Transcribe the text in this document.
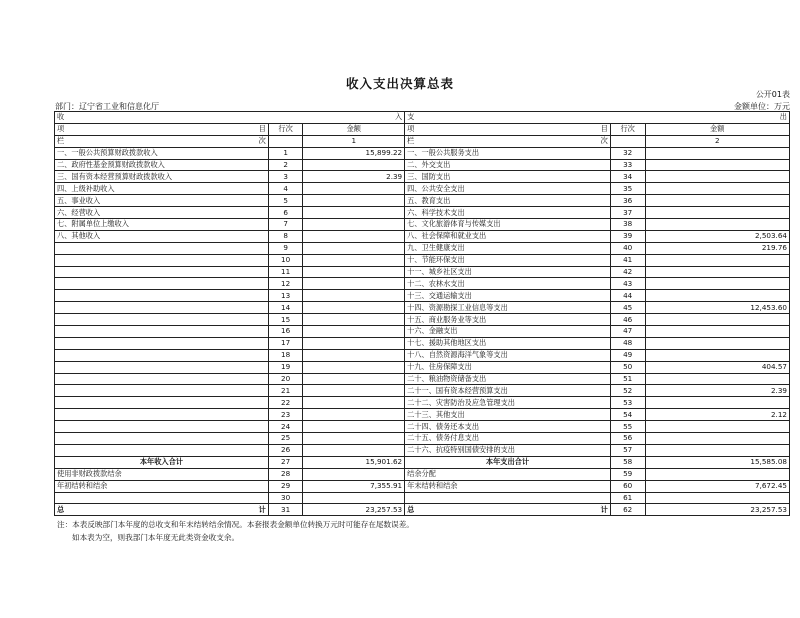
收入支出决算总表
公开01表
部门：辽宁省工业和信息化厅	金额单位：万元
收 入			支 出		

项 目	行次	金额	项 目	行次	金额

栏 次		1	栏 次		2
一、一般公共预算财政拨款收入	1	15,899.22	一、一般公共服务支出	32	
二、政府性基金预算财政拨款收入	2		二、外交支出	33	
三、国有资本经营预算财政拨款收入	3	2.39	三、国防支出	34	
四、上级补助收入	4		四、公共安全支出	35	
五、事业收入	5		五、教育支出	36	
六、经营收入	6		六、科学技术支出	37	
七、附属单位上缴收入	7		七、文化旅游体育与传媒支出	38	
八、其他收入	8		八、社会保障和就业支出	39	2,503.64
	9		九、卫生健康支出	40	219.76
	10		十、节能环保支出	41	
	11		十一、城乡社区支出	42	
	12		十二、农林水支出	43	
	13		十三、交通运输支出	44	
	14		十四、资源勘探工业信息等支出	45	12,453.60
	15		十五、商业服务业等支出	46	
	16		十六、金融支出	47	
	17		十七、援助其他地区支出	48	
	18		十八、自然资源海洋气象等支出	49	
	19		十九、住房保障支出	50	404.57
	20		二十、粮油物资储备支出	51	
	21		二十一、国有资本经营预算支出	52	2.39
	22		二十二、灾害防治及应急管理支出	53	
	23		二十三、其他支出	54	2.12
	24		二十四、债务还本支出	55	
	25		二十五、债务付息支出	56	
	26		二十六、抗疫特别国债安排的支出	57	
本年收入合计	27	15,901.62	本年支出合计	58	15,585.08
使用非财政拨款结余	28		结余分配	59	
年初结转和结余	29	7,355.91	年末结转和结余	60	7,672.45
	30			61	

总 计	31	23,257.53	总 计	62	23,257.53
注：本表反映部门本年度的总收支和年末结转结余情况。本套报表金额单位转换万元时可能存在尾数误差。
如本表为空，则我部门本年度无此类资金收支余。
